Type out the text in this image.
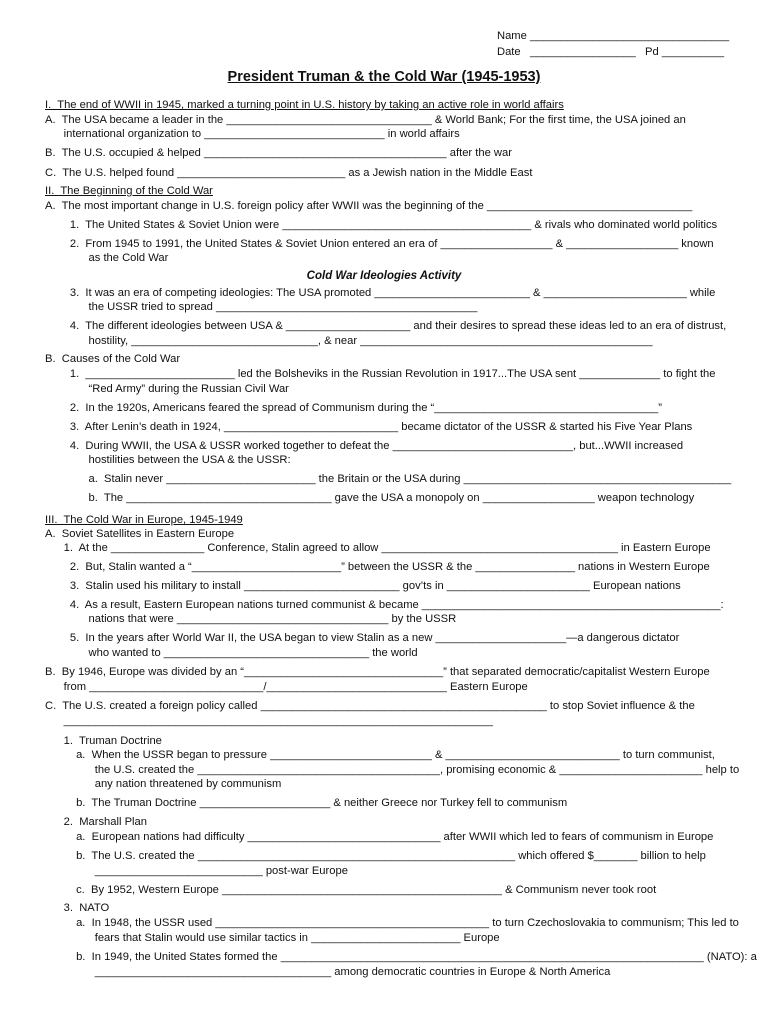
Name ________________________________
Date   _________________   Pd __________
President Truman & the Cold War (1945-1953)
I.  The end of WWII in 1945, marked a turning point in U.S. history by taking an active role in world affairs
A.  The USA became a leader in the _________________________________ & World Bank; For the first time, the USA joined an
international organization to _____________________________ in world affairs
B.  The U.S. occupied & helped _______________________________________ after the war
C.  The U.S. helped found ___________________________ as a Jewish nation in the Middle East
II.  The Beginning of the Cold War
A.  The most important change in U.S. foreign policy after WWII was the beginning of the _________________________________
1.  The United States & Soviet Union were ________________________________________ & rivals who dominated world politics
2.  From 1945 to 1991, the United States & Soviet Union entered an era of __________________ & __________________ known
as the Cold War
Cold War Ideologies Activity
3.  It was an era of competing ideologies: The USA promoted _________________________ & _______________________ while
the USSR tried to spread __________________________________________
4.  The different ideologies between USA & ____________________ and their desires to spread these ideas led to an era of distrust,
hostility, ______________________________, & near _______________________________________________
B.  Causes of the Cold War
1.  ________________________ led the Bolsheviks in the Russian Revolution in 1917...The USA sent _____________ to fight the
“Red Army” during the Russian Civil War
2.  In the 1920s, Americans feared the spread of Communism during the “____________________________________”
3.  After Lenin’s death in 1924, ____________________________ became dictator of the USSR & started his Five Year Plans
4.  During WWII, the USA & USSR worked together to defeat the _____________________________, but...WWII increased
hostilities between the USA & the USSR:
a.  Stalin never ________________________ the Britain or the USA during ___________________________________________
b.  The _________________________________ gave the USA a monopoly on __________________ weapon technology
III.  The Cold War in Europe, 1945-1949
A.  Soviet Satellites in Eastern Europe
1.  At the _______________ Conference, Stalin agreed to allow ______________________________________ in Eastern Europe
2.  But, Stalin wanted a “________________________” between the USSR & the ________________ nations in Western Europe
3.  Stalin used his military to install _________________________ gov’ts in _______________________ European nations
4.  As a result, Eastern European nations turned communist & became ________________________________________________:
nations that were __________________________________ by the USSR
5.  In the years after World War II, the USA began to view Stalin as a new _____________________—a dangerous dictator
who wanted to _________________________________ the world
B.  By 1946, Europe was divided by an “________________________________” that separated democratic/capitalist Western Europe
from ____________________________/_____________________________ Eastern Europe
C.  The U.S. created a foreign policy called ______________________________________________ to stop Soviet influence & the
_____________________________________________________________________
1.  Truman Doctrine
a.  When the USSR began to pressure __________________________ & ____________________________ to turn communist,
the U.S. created the _______________________________________, promising economic & _______________________ help to
any nation threatened by communism
b.  The Truman Doctrine _____________________ & neither Greece nor Turkey fell to communism
2.  Marshall Plan
a.  European nations had difficulty _______________________________ after WWII which led to fears of communism in Europe
b.  The U.S. created the ___________________________________________________ which offered $_______ billion to help
___________________________ post-war Europe
c.  By 1952, Western Europe _____________________________________________ & Communism never took root
3.  NATO
a.  In 1948, the USSR used ____________________________________________ to turn Czechoslovakia to communism; This led to
fears that Stalin would use similar tactics in ________________________ Europe
b.  In 1949, the United States formed the ____________________________________________________________________ (NATO): a
______________________________________ among democratic countries in Europe & North America
